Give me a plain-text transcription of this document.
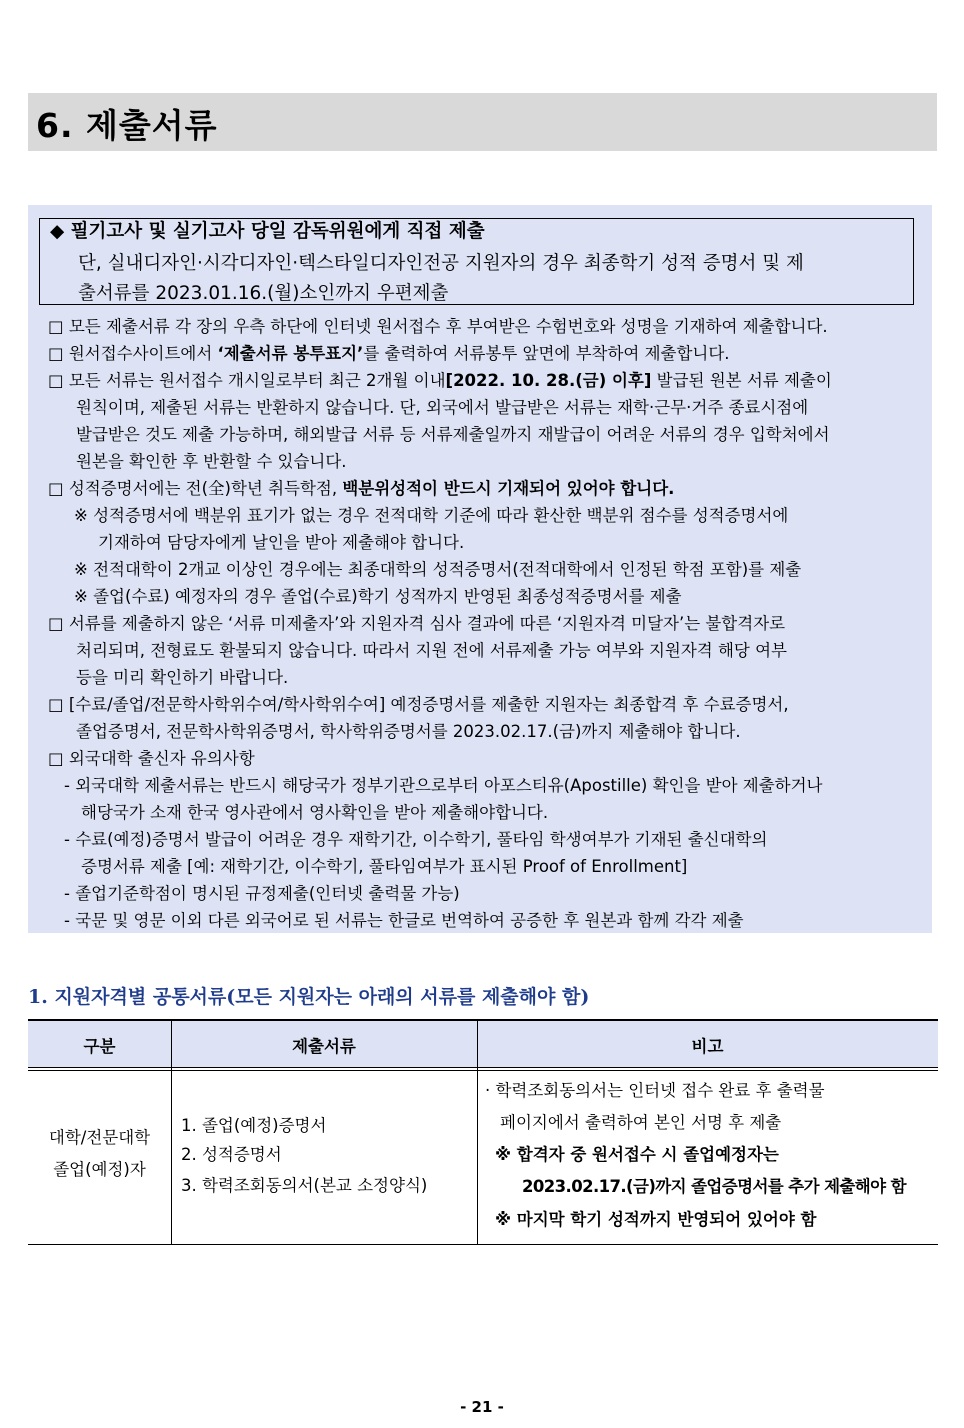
6. 제출서류
◆ 필기고사 및 실기고사 당일 감독위원에게 직접 제출
단, 실내디자인·시각디자인·텍스타일디자인전공 지원자의 경우 최종학기 성적 증명서 및 제
출서류를 2023.01.16.(월)소인까지 우편제출
□ 모든 제출서류 각 장의 우측 하단에 인터넷 원서접수 후 부여받은 수험번호와 성명을 기재하여 제출합니다.
□ 원서접수사이트에서 ‘제출서류 봉투표지’를 출력하여 서류봉투 앞면에 부착하여 제출합니다.
□ 모든 서류는 원서접수 개시일로부터 최근 2개월 이내[2022. 10. 28.(금) 이후] 발급된 원본 서류 제출이
원칙이며, 제출된 서류는 반환하지 않습니다. 단, 외국에서 발급받은 서류는 재학·근무·거주 종료시점에
발급받은 것도 제출 가능하며, 해외발급 서류 등 서류제출일까지 재발급이 어려운 서류의 경우 입학처에서
원본을 확인한 후 반환할 수 있습니다.
□ 성적증명서에는 전(全)학년 취득학점, 백분위성적이 반드시 기재되어 있어야 합니다.
※ 성적증명서에 백분위 표기가 없는 경우 전적대학 기준에 따라 환산한 백분위 점수를 성적증명서에
기재하여 담당자에게 날인을 받아 제출해야 합니다.
※ 전적대학이 2개교 이상인 경우에는 최종대학의 성적증명서(전적대학에서 인정된 학점 포함)를 제출
※ 졸업(수료) 예정자의 경우 졸업(수료)학기 성적까지 반영된 최종성적증명서를 제출
□ 서류를 제출하지 않은 ‘서류 미제출자’와 지원자격 심사 결과에 따른 ‘지원자격 미달자’는 불합격자로
처리되며, 전형료도 환불되지 않습니다. 따라서 지원 전에 서류제출 가능 여부와 지원자격 해당 여부
등을 미리 확인하기 바랍니다.
□ [수료/졸업/전문학사학위수여/학사학위수여] 예정증명서를 제출한 지원자는 최종합격 후 수료증명서,
졸업증명서, 전문학사학위증명서, 학사학위증명서를 2023.02.17.(금)까지 제출해야 합니다.
□ 외국대학 출신자 유의사항
- 외국대학 제출서류는 반드시 해당국가 정부기관으로부터 아포스티유(Apostille) 확인을 받아 제출하거나
해당국가 소재 한국 영사관에서 영사확인을 받아 제출해야합니다.
- 수료(예정)증명서 발급이 어려운 경우 재학기간, 이수학기, 풀타임 학생여부가 기재된 출신대학의
증명서류 제출 [예: 재학기간, 이수학기, 풀타임여부가 표시된 Proof of Enrollment]
- 졸업기준학점이 명시된 규정제출(인터넷 출력물 가능)
- 국문 및 영문 이외 다른 외국어로 된 서류는 한글로 번역하여 공증한 후 원본과 함께 각각 제출
1. 지원자격별 공통서류(모든 지원자는 아래의 서류를 제출해야 함)
구분	제출서류	비고
대학/전문대학
졸업(예정)자
1. 졸업(예정)증명서
2. 성적증명서
3. 학력조회동의서(본교 소정양식)
· 학력조회동의서는 인터넷 접수 완료 후 출력물
페이지에서 출력하여 본인 서명 후 제출
※ 합격자 중 원서접수 시 졸업예정자는
2023.02.17.(금)까지 졸업증명서를 추가 제출해야 함
※ 마지막 학기 성적까지 반영되어 있어야 함
- 21 -
